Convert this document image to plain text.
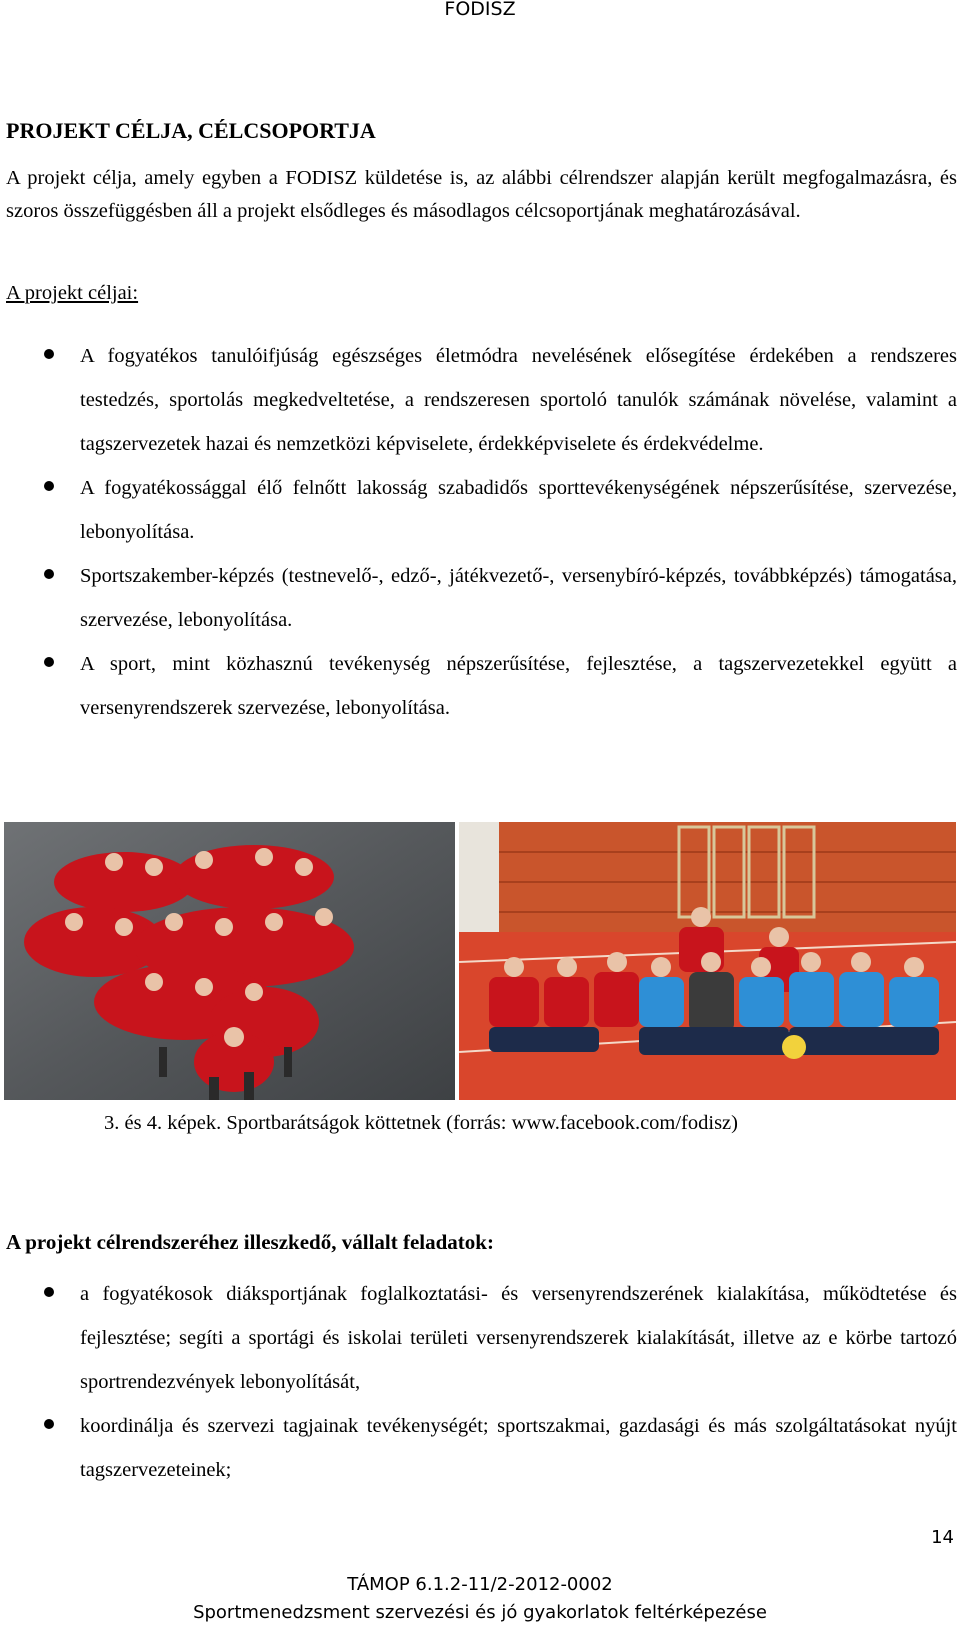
FODISZ
PROJEKT CÉLJA, CÉLCSOPORTJA
A projekt célja, amely egyben a FODISZ küldetése is, az alábbi célrendszer alapján került megfogalmazásra, és szoros összefüggésben áll a projekt elsődleges és másodlagos célcsoportjának meghatározásával.
A projekt céljai:
A fogyatékos tanulóifjúság egészséges életmódra nevelésének elősegítése érdekében a rendszeres testedzés, sportolás megkedveltetése, a rendszeresen sportoló tanulók számának növelése, valamint a tagszervezetek hazai és nemzetközi képviselete, érdekképviselete és érdekvédelme.
A fogyatékossággal élő felnőtt lakosság szabadidős sporttevékenységének népszerűsítése, szervezése, lebonyolítása.
Sportszakember-képzés (testnevelő-, edző-, játékvezető-, versenybíró-képzés, továbbképzés) támogatása, szervezése, lebonyolítása.
A sport, mint közhasznú tevékenység népszerűsítése, fejlesztése, a tagszervezetekkel együtt a versenyrendszerek szervezése, lebonyolítása.
3. és 4. képek. Sportbarátságok köttetnek (forrás: www.facebook.com/fodisz)
A projekt célrendszeréhez illeszkedő, vállalt feladatok:
a fogyatékosok diáksportjának foglalkoztatási- és versenyrendszerének kialakítása, működtetése és fejlesztése; segíti a sportági és iskolai területi versenyrendszerek kialakítását, illetve az e körbe tartozó sportrendezvények lebonyolítását,
koordinálja és szervezi tagjainak tevékenységét; sportszakmai, gazdasági és más szolgáltatásokat nyújt tagszervezeteinek;
14
TÁMOP 6.1.2-11/2-2012-0002
Sportmenedzsment szervezési és jó gyakorlatok feltérképezése
